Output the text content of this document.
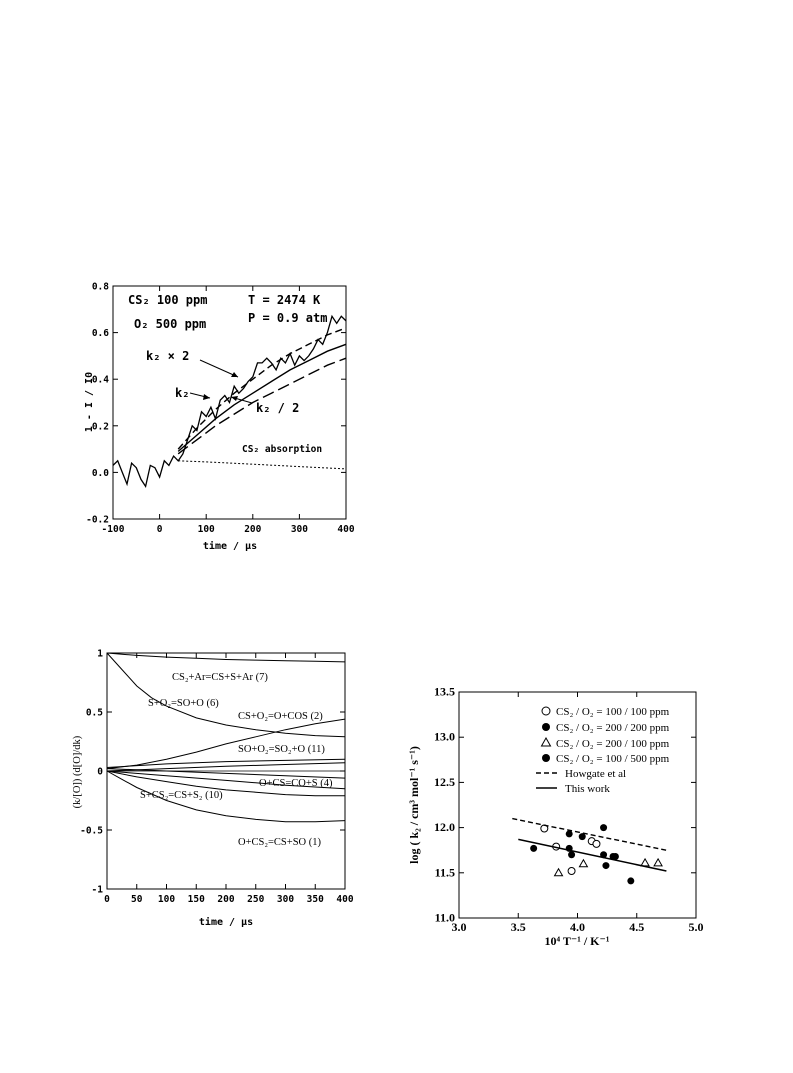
-100	0	100	200	300	400
-0.2
0.0
0.2
0.4
0.6
0.8
time / μs
1 - I / I0
CS₂ 100 ppm
O₂ 500 ppm
T = 2474 K
P = 0.9 atm
k₂ × 2
k₂
k₂ / 2
CS₂ absorption
0 50 100 150 200 250 300 350 400
-1
-0.5
0
0.5
1
time / μs
(k/[O]) (d[O]/dk)
CS₂+Ar=CS+S+Ar (7)
S+O₂=SO+O (6)
CS+O₂=O+COS (2)
SO+O₂=SO₂+O (11)
O+CS=CO+S (4)
S+CS₂=CS+S₂ (10)
O+CS₂=CS+SO (1)
3.0	3.5	4.0	4.5	5.0
11.0
11.5
12.0
12.5
13.0
13.5
10⁴ T⁻¹ / K⁻¹
log ( k₂ / cm³ mol⁻¹ s⁻¹)
CS₂ / O₂ = 100 / 100 ppm
CS₂ / O₂ = 200 / 200 ppm
CS₂ / O₂ = 200 / 100 ppm
CS₂ / O₂ = 100 / 500 ppm
Howgate et al
This work
